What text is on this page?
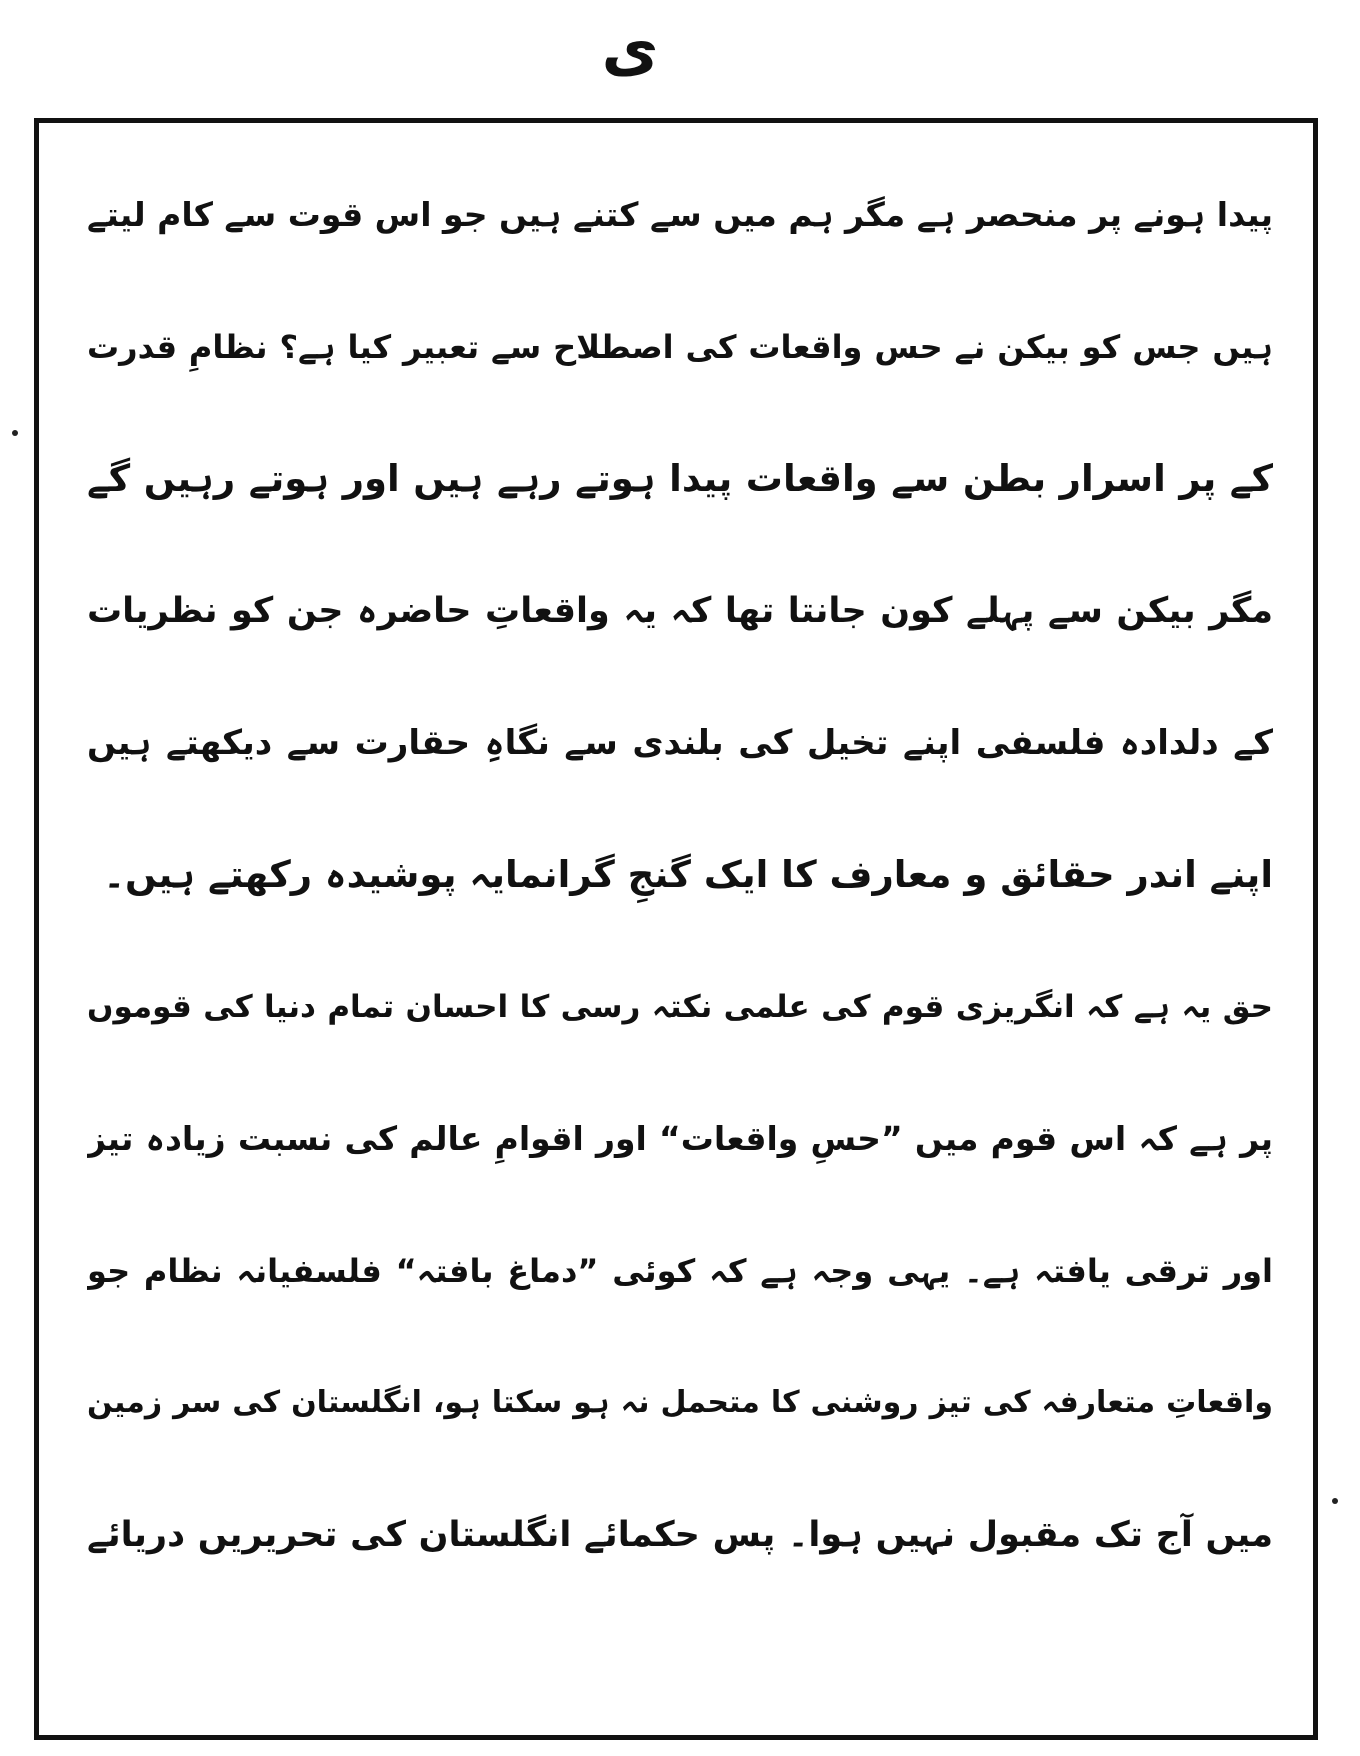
ی
پیدا ہونے پر منحصر ہے مگر ہم میں سے کتنے ہیں جو اس قوت سے کام لیتے
ہیں جس کو بیکن نے حس واقعات کی اصطلاح سے تعبیر کیا ہے؟ نظامِ قدرت
کے پر اسرار بطن سے واقعات پیدا ہوتے رہے ہیں اور ہوتے رہیں گے
مگر بیکن سے پہلے کون جانتا تھا کہ یہ واقعاتِ حاضرہ جن کو نظریات
کے دلدادہ فلسفی اپنے تخیل کی بلندی سے نگاہِ حقارت سے دیکھتے ہیں
اپنے اندر حقائق و معارف کا ایک گنجِ گرانمایہ پوشیدہ رکھتے ہیں۔
حق یہ ہے کہ انگریزی قوم کی علمی نکتہ رسی کا احسان تمام دنیا کی قوموں
پر ہے کہ اس قوم میں ”حسِ واقعات“ اور اقوامِ عالم کی نسبت زیادہ تیز
اور ترقی یافتہ ہے۔ یہی وجہ ہے کہ کوئی ”دماغ بافتہ“ فلسفیانہ نظام جو
واقعاتِ متعارفہ کی تیز روشنی کا متحمل نہ ہو سکتا ہو، انگلستان کی سر زمین
میں آج تک مقبول نہیں ہوا۔ پس حکمائے انگلستان کی تحریریں دریائے
